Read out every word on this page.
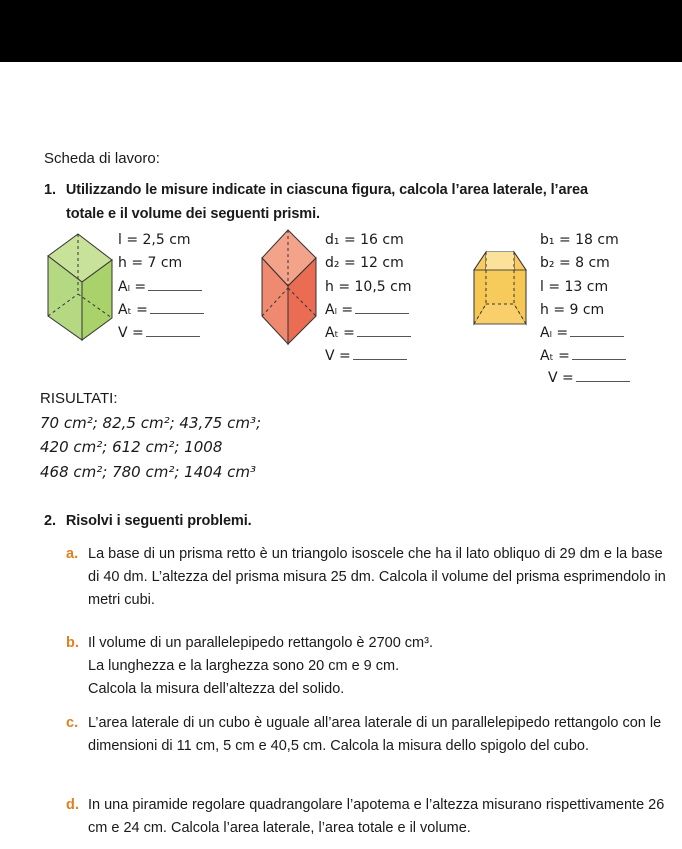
Scheda di lavoro:
1. Utilizzando le misure indicate in ciascuna figura, calcola l’area laterale, l’area
totale e il volume dei seguenti prismi.
l = 2,5 cm
h = 7 cm
Aₗ =
Aₜ =
V =
d₁ = 16 cm
d₂ = 12 cm
h = 10,5 cm
Aₗ =
Aₜ =
V =
b₁ = 18 cm
b₂ = 8 cm
l = 13 cm
h = 9 cm
Aₗ =
Aₜ =
V =
RISULTATI:
70 cm²; 82,5 cm²; 43,75 cm³;
420 cm²; 612 cm²; 1008
468 cm²; 780 cm²; 1404 cm³
2. Risolvi i seguenti problemi.
a. La base di un prisma retto è un triangolo isoscele che ha il lato obliquo di 29 dm e la base di 40 dm. L’altezza del prisma misura 25 dm. Calcola il volume del prisma esprimendolo in metri cubi.
b. Il volume di un parallelepipedo rettangolo è 2700 cm³.
La lunghezza e la larghezza sono 20 cm e 9 cm.
Calcola la misura dell’altezza del solido.
c. L’area laterale di un cubo è uguale all’area laterale di un parallelepipedo rettangolo con le dimensioni di 11 cm, 5 cm e 40,5 cm. Calcola la misura dello spigolo del cubo.
d. In una piramide regolare quadrangolare l’apotema e l’altezza misurano rispettivamente 26 cm e 24 cm. Calcola l’area laterale, l’area totale e il volume.
